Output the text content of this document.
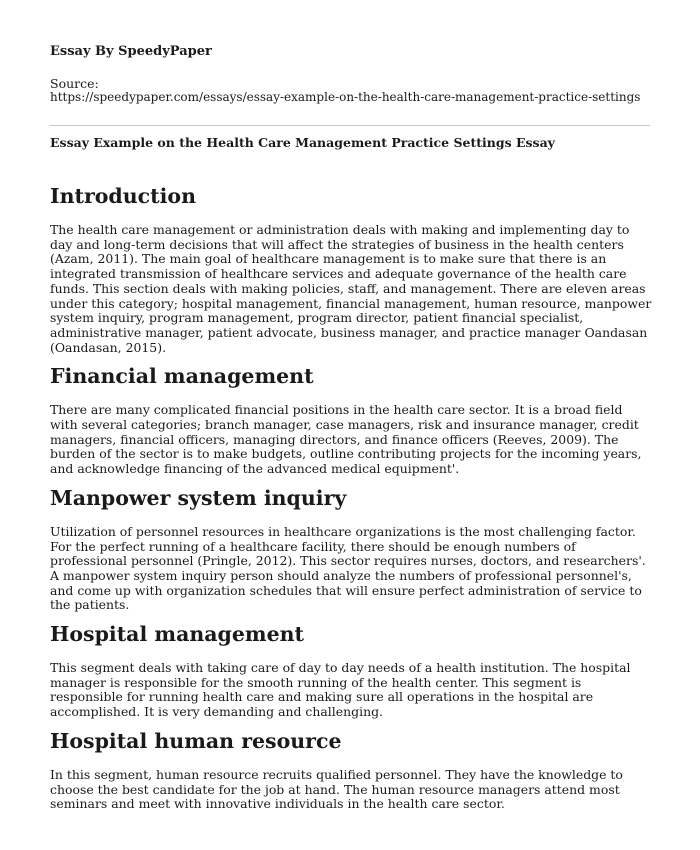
Essay By SpeedyPaper
Source:
https://speedypaper.com/essays/essay-example-on-the-health-care-management-practice-settings
Essay Example on the Health Care Management Practice Settings Essay
Introduction

The health care management or administration deals with making and implementing day to day and long-term decisions that will affect the strategies of business in the health centers (Azam, 2011). The main goal of healthcare management is to make sure that there is an integrated transmission of healthcare services and adequate governance of the health care funds. This section deals with making policies, staff, and management. There are eleven areas under this category; hospital management, financial management, human resource, manpower system inquiry, program management, program director, patient financial specialist, administrative manager, patient advocate, business manager, and practice manager Oandasan (Oandasan, 2015).

Financial management

There are many complicated financial positions in the health care sector. It is a broad field with several categories; branch manager, case managers, risk and insurance manager, credit managers, financial officers, managing directors, and finance officers (Reeves, 2009). The burden of the sector is to make budgets, outline contributing projects for the incoming years, and acknowledge financing of the advanced medical equipment'.

Manpower system inquiry

Utilization of personnel resources in healthcare organizations is the most challenging factor. For the perfect running of a healthcare facility, there should be enough numbers of professional personnel (Pringle, 2012). This sector requires nurses, doctors, and researchers'. A manpower system inquiry person should analyze the numbers of professional personnel's, and come up with organization schedules that will ensure perfect administration of service to the patients.

Hospital management

This segment deals with taking care of day to day needs of a health institution. The hospital manager is responsible for the smooth running of the health center. This segment is responsible for running health care and making sure all operations in the hospital are accomplished. It is very demanding and challenging.

Hospital human resource

In this segment, human resource recruits qualified personnel. They have the knowledge to choose the best candidate for the job at hand. The human resource managers attend most seminars and meet with innovative individuals in the health care sector.
